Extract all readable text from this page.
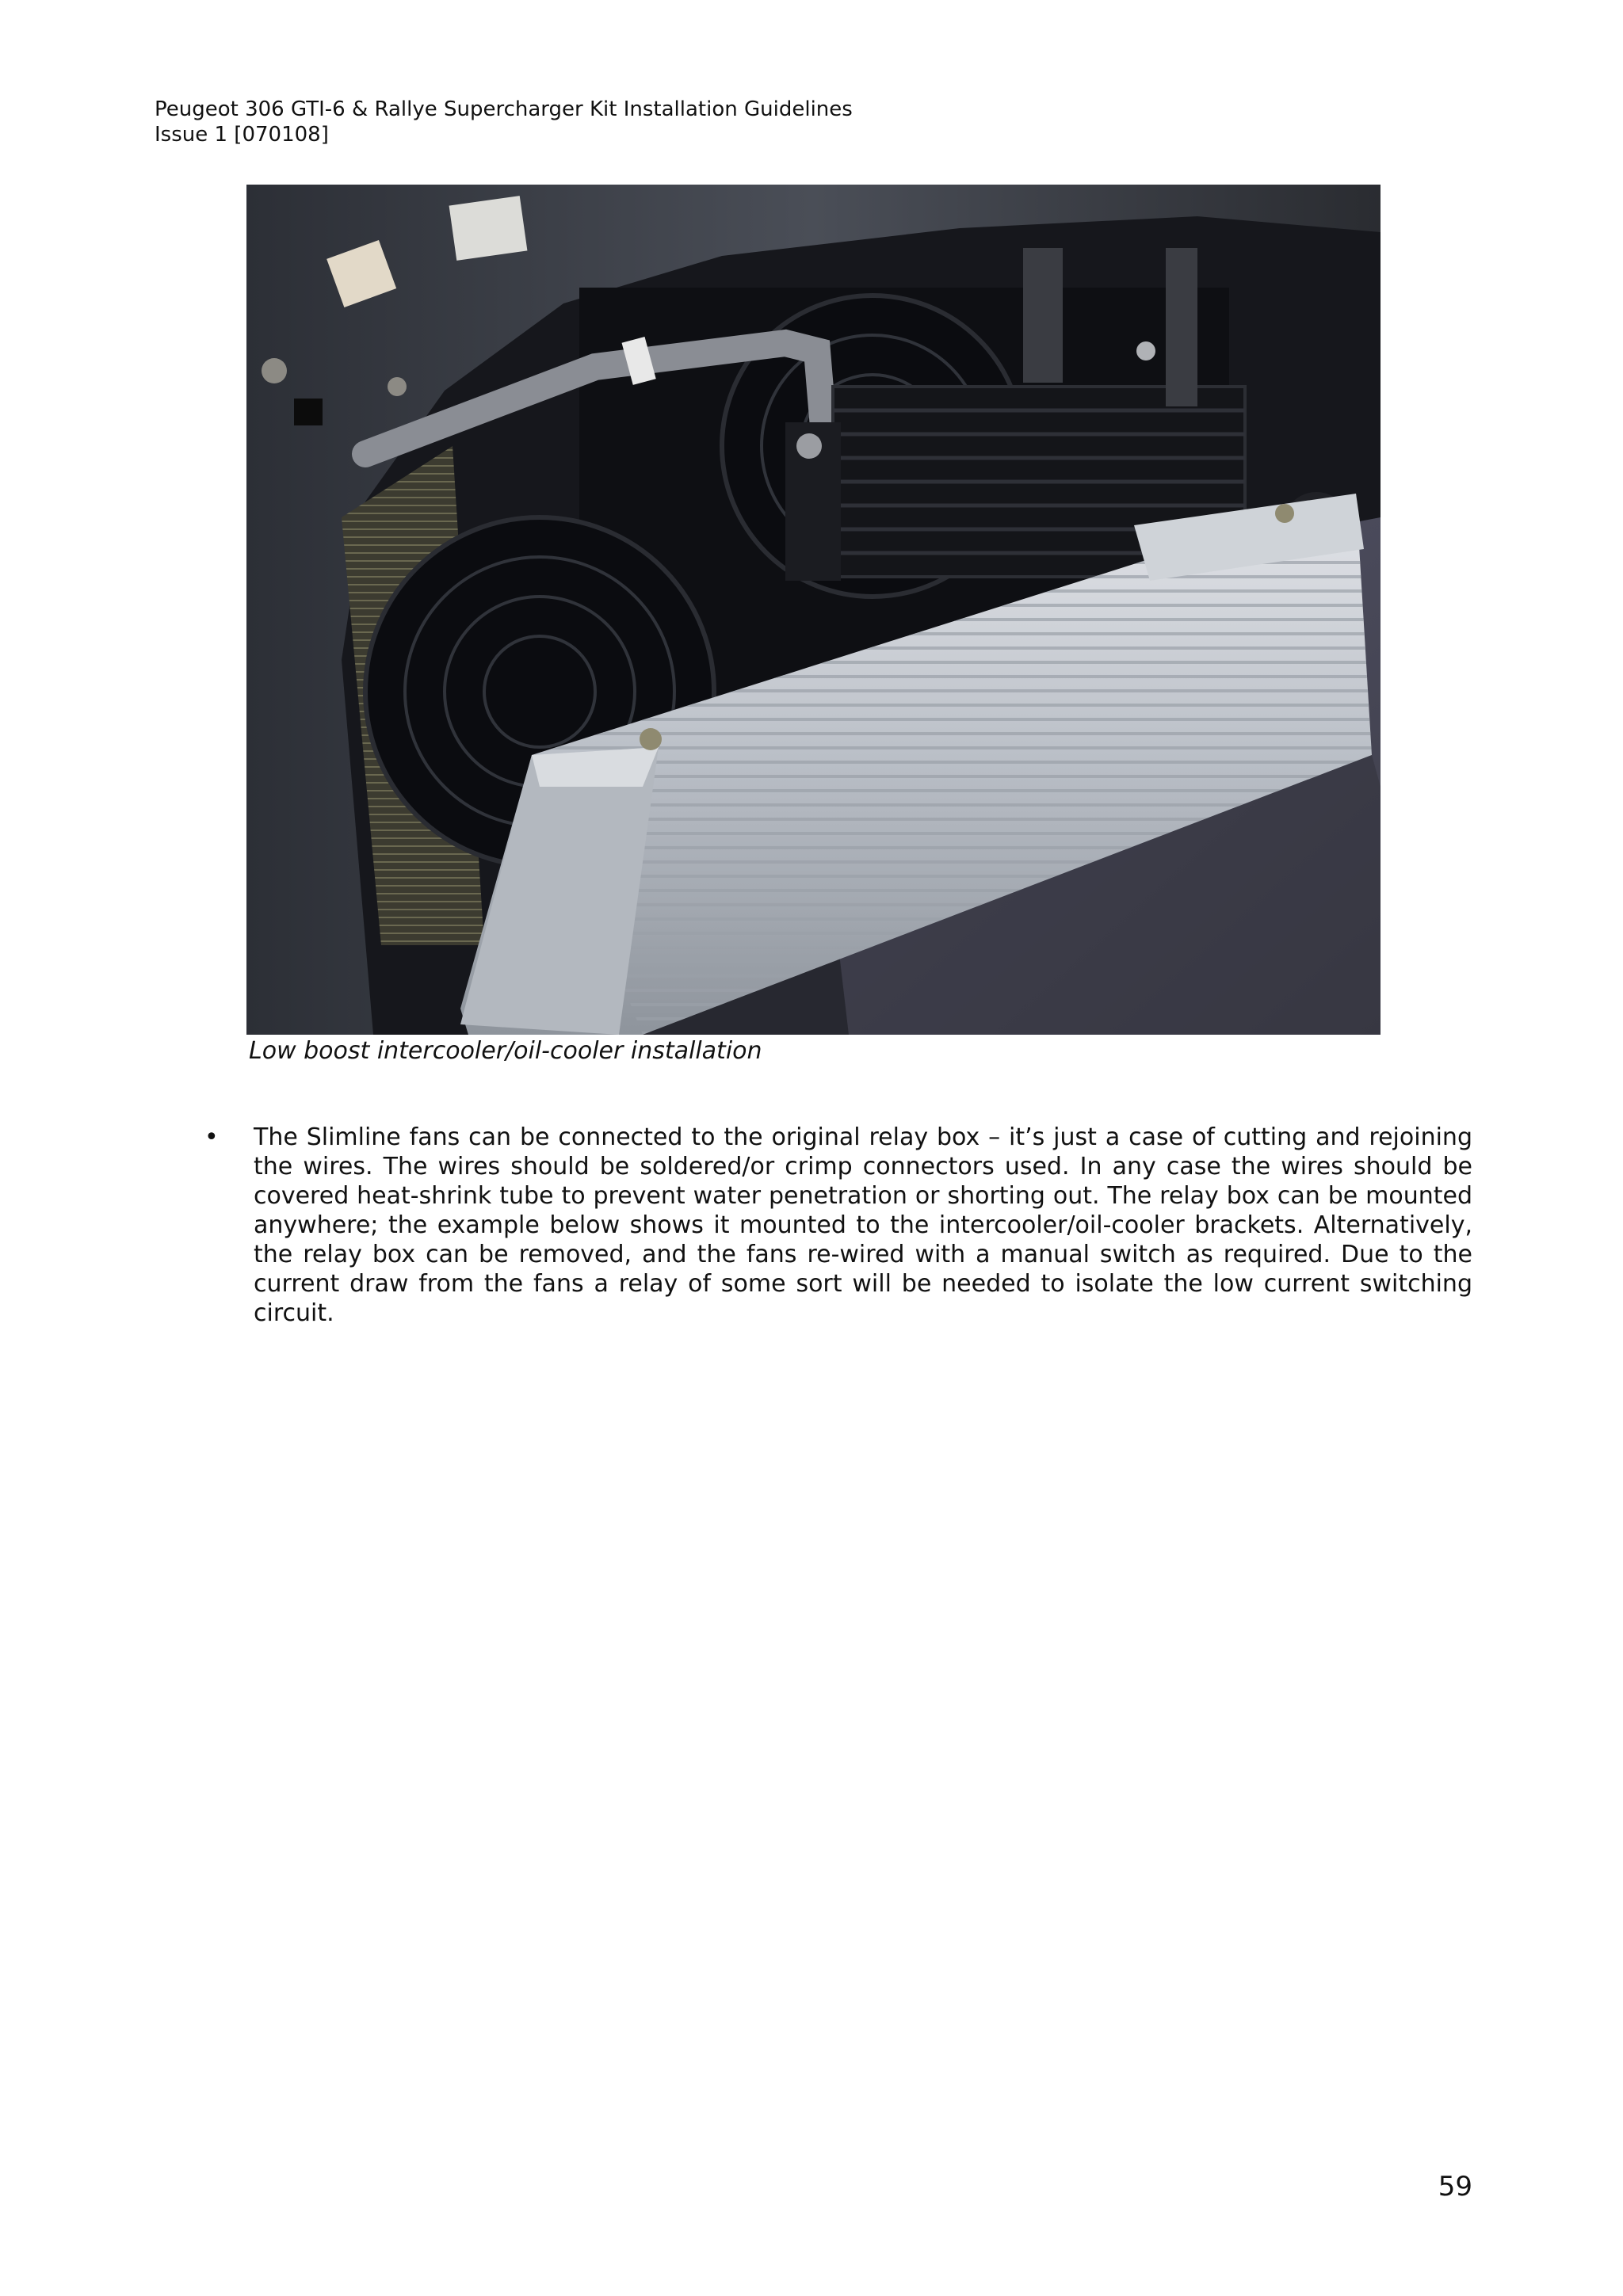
Peugeot 306 GTI-6 & Rallye Supercharger Kit Installation Guidelines
Issue 1 [070108]
Low boost intercooler/oil-cooler installation
• The Slimline fans can be connected to the original relay box – it’s just a case of cutting and rejoining the wires. The wires should be soldered/or crimp connectors used. In any case the wires should be covered heat-shrink tube to prevent water penetration or shorting out. The relay box can be mounted anywhere; the example below shows it mounted to the intercooler/oil-cooler brackets. Alternatively, the relay box can be removed, and the fans re-wired with a manual switch as required. Due to the current draw from the fans a relay of some sort will be needed to isolate the low current switching circuit.
59
